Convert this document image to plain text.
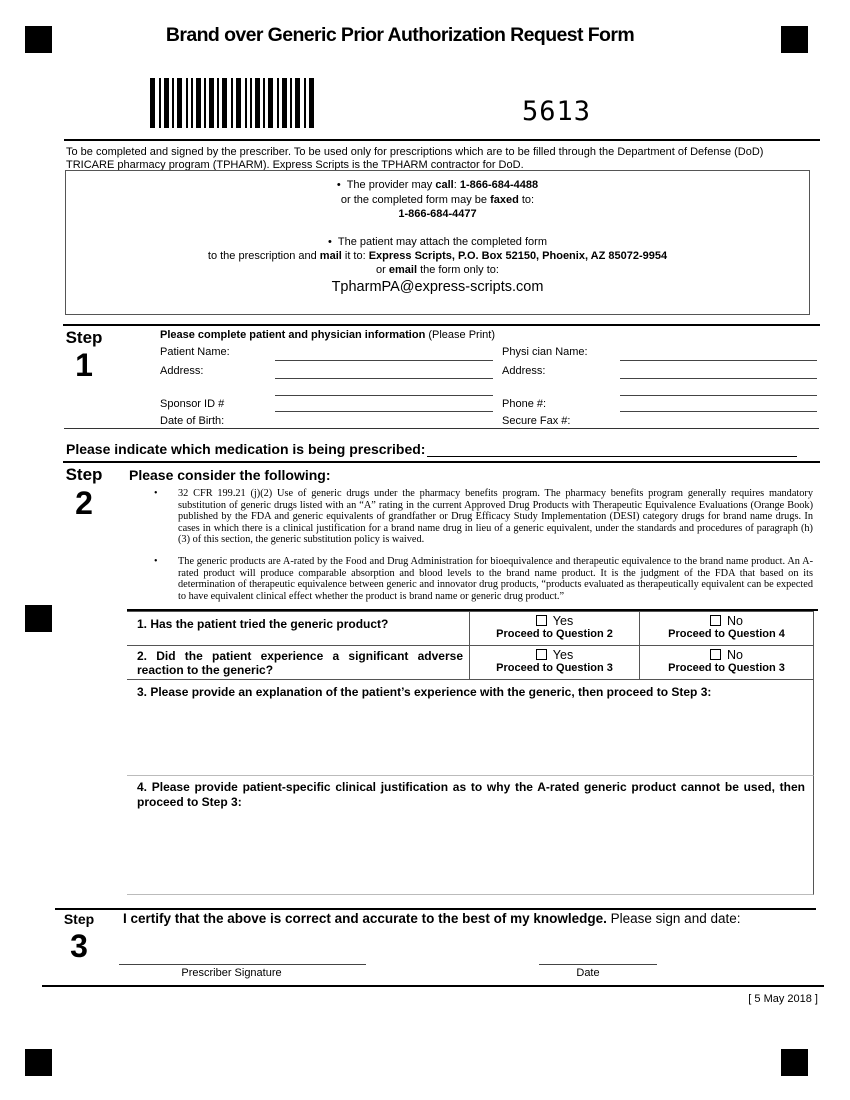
Brand over Generic Prior Authorization Request Form
5613
To be completed and signed by the prescriber. To be used only for prescriptions which are to be filled through the Department of Defense (DoD) TRICARE pharmacy program (TPHARM). Express Scripts is the TPHARM contractor for DoD.
• The provider may call: 1-866-684-4488
or the completed form may be faxed to:
1-866-684-4477
• The patient may attach the completed form
to the prescription and mail it to: Express Scripts, P.O. Box 52150, Phoenix, AZ 85072-9954
or email the form only to:
TpharmPA@express-scripts.com
Step
1
Please complete patient and physician information (Please Print)
Patient Name:
Address:
Sponsor ID #
Date of Birth:
Physi cian Name:
Address:
Phone #:
Secure Fax #:
Please indicate which medication is being prescribed:
Step
2
Please consider the following:
• 32 CFR 199.21 (j)(2) Use of generic drugs under the pharmacy benefits program. The pharmacy benefits program generally requires mandatory substitution of generic drugs listed with an “A” rating in the current Approved Drug Products with Therapeutic Equivalence Evaluations (Orange Book) published by the FDA and generic equivalents of grandfather or Drug Efficacy Study Implementation (DESI) category drugs for brand name drugs. In cases in which there is a clinical justification for a brand name drug in lieu of a generic equivalent, under the standards and procedures of paragraph (h)(3) of this section, the generic substitution policy is waived.
• The generic products are A-rated by the Food and Drug Administration for bioequivalence and therapeutic equivalence to the brand name product. An A-rated product will produce comparable absorption and blood levels to the brand name product. It is the judgment of the FDA that based on its determination of therapeutic equivalence between generic and innovator drug products, “products evaluated as therapeutically equivalent can be expected to have equivalent clinical effect whether the product is brand name or generic drug product.”
1. Has the patient tried the generic product?	Yes
Proceed to Question 2
No
Proceed to Question 4
2. Did the patient experience a significant adverse reaction to the generic?
Yes
Proceed to Question 3
No
Proceed to Question 3
3. Please provide an explanation of the patient’s experience with the generic, then proceed to Step 3:
4. Please provide patient-specific clinical justification as to why the A-rated generic product cannot be used, then proceed to Step 3:
Step
3
I certify that the above is correct and accurate to the best of my knowledge. Please sign and date:
Prescriber Signature	Date
[ 5 May 2018 ]
